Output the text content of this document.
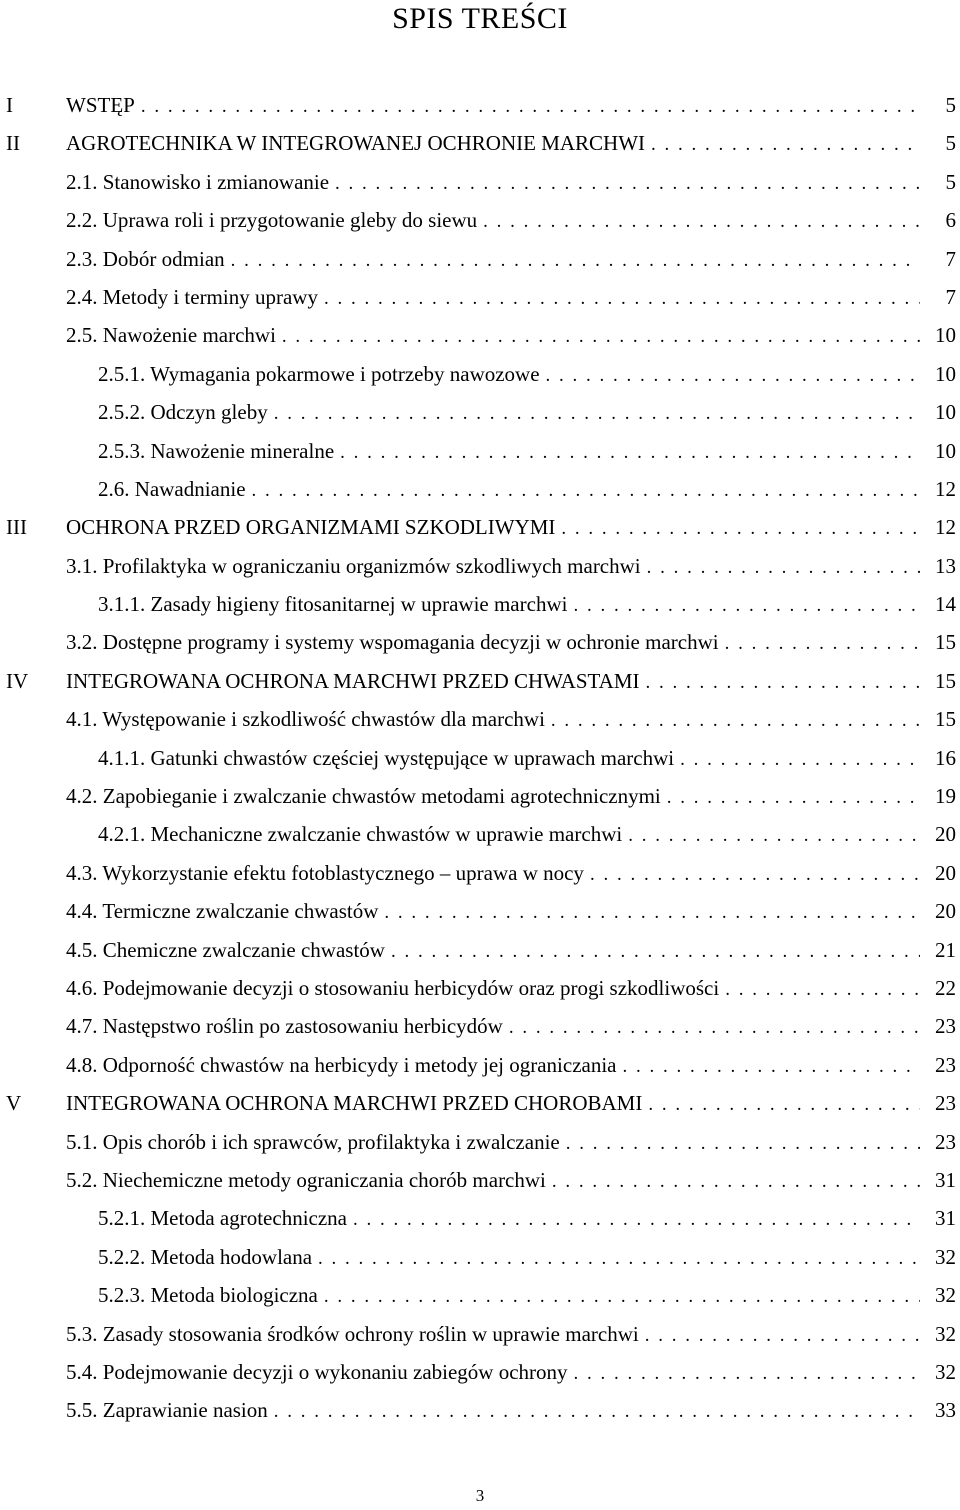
SPIS TREŚCI
I	WSTĘP . . .	5
II AGROTECHNIKA W INTEGROWANEJ OCHRONIE MARCHWI . . .	5
2.1. Stanowisko i zmianowanie . . .	5
2.2. Uprawa roli i przygotowanie gleby do siewu . . .	6
2.3. Dobór odmian . . .	7
2.4. Metody i terminy uprawy . . .	7
2.5. Nawożenie marchwi . . .	10
2.5.1. Wymagania pokarmowe i potrzeby nawozowe . . .	10
2.5.2. Odczyn gleby . . .	10
2.5.3. Nawożenie mineralne . . .	10
2.6. Nawadnianie . . .	12
III OCHRONA PRZED ORGANIZMAMI SZKODLIWYMI . . .	12
3.1. Profilaktyka w ograniczaniu organizmów szkodliwych marchwi . . .	13
3.1.1. Zasady higieny fitosanitarnej w uprawie marchwi . . .	14
3.2. Dostępne programy i systemy wspomagania decyzji w ochronie marchwi . . .	15
IV INTEGROWANA OCHRONA MARCHWI PRZED CHWASTAMI . . .	15
4.1. Występowanie i szkodliwość chwastów dla marchwi . . .	15
4.1.1. Gatunki chwastów częściej występujące w uprawach marchwi . . .	16
4.2. Zapobieganie i zwalczanie chwastów metodami agrotechnicznymi . . .	19
4.2.1. Mechaniczne zwalczanie chwastów w uprawie marchwi . . .	20
4.3. Wykorzystanie efektu fotoblastycznego – uprawa w nocy . . .	20
4.4. Termiczne zwalczanie chwastów . . .	20
4.5. Chemiczne zwalczanie chwastów . . .	21
4.6. Podejmowanie decyzji o stosowaniu herbicydów oraz progi szkodliwości . . .	22
4.7. Następstwo roślin po zastosowaniu herbicydów . . .	23
4.8. Odporność chwastów na herbicydy i metody jej ograniczania . . .	23
V INTEGROWANA OCHRONA MARCHWI PRZED CHOROBAMI . . .	23
5.1. Opis chorób i ich sprawców, profilaktyka i zwalczanie . . .	23
5.2. Niechemiczne metody ograniczania chorób marchwi . . .	31
5.2.1. Metoda agrotechniczna . . .	31
5.2.2. Metoda hodowlana . . .	32
5.2.3. Metoda biologiczna . . .	32
5.3. Zasady stosowania środków ochrony roślin w uprawie marchwi . . .	32
5.4. Podejmowanie decyzji o wykonaniu zabiegów ochrony . . .	32
5.5. Zaprawianie nasion . . .	33
3
